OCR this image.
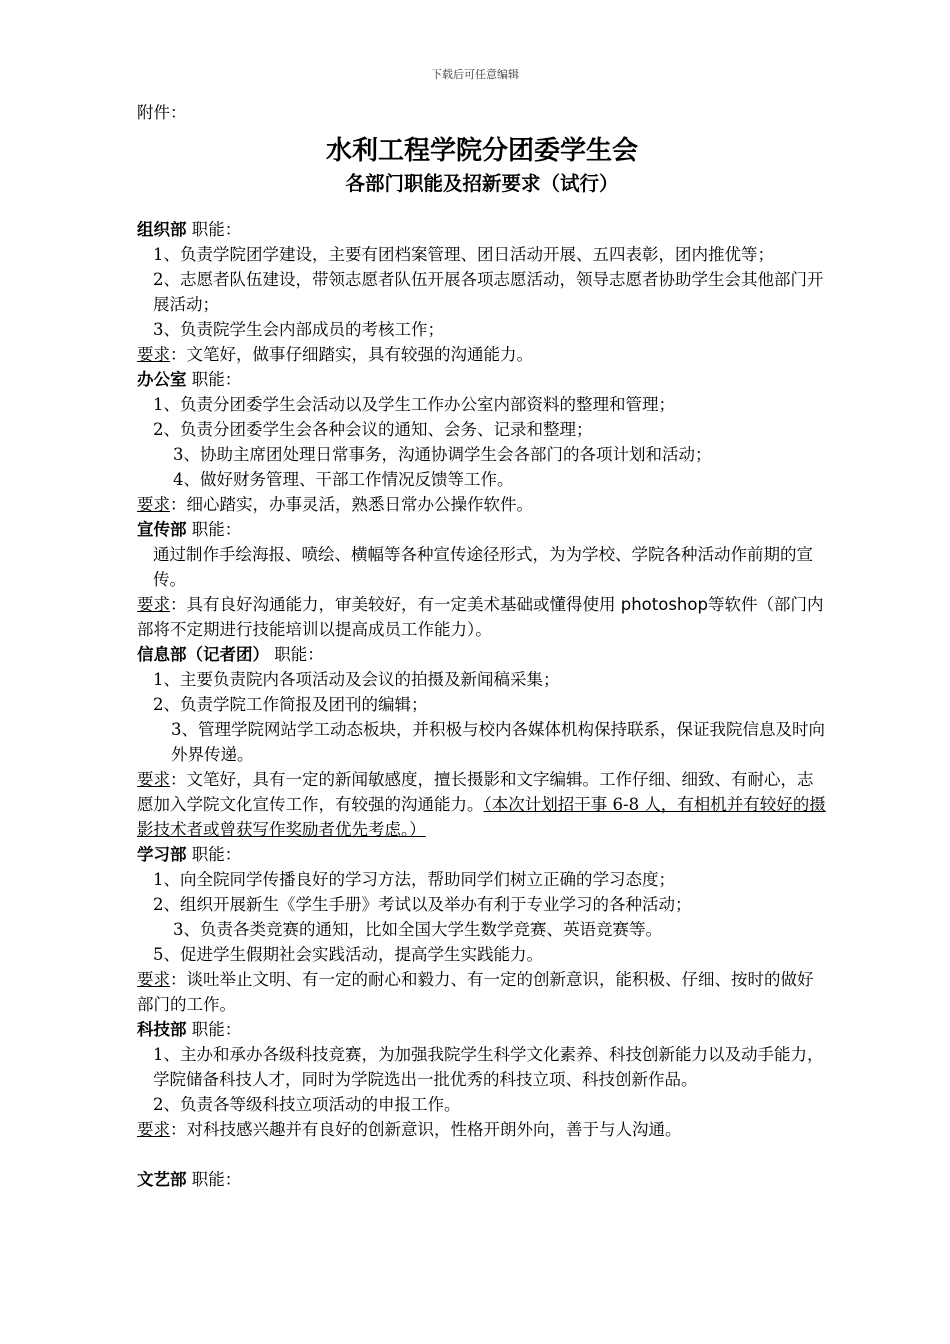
下载后可任意编辑
附件：
水利工程学院分团委学生会
各部门职能及招新要求（试行）
组织部 职能：
1、负责学院团学建设，主要有团档案管理、团日活动开展、五四表彰，团内推优等；
2、志愿者队伍建设，带领志愿者队伍开展各项志愿活动，领导志愿者协助学生会其他部门开展活动；
3、负责院学生会内部成员的考核工作；
要求：文笔好，做事仔细踏实，具有较强的沟通能力。
办公室 职能：
1、负责分团委学生会活动以及学生工作办公室内部资料的整理和管理；
2、负责分团委学生会各种会议的通知、会务、记录和整理；
3、协助主席团处理日常事务，沟通协调学生会各部门的各项计划和活动；
4、做好财务管理、干部工作情况反馈等工作。
要求：细心踏实，办事灵活，熟悉日常办公操作软件。
宣传部 职能：
通过制作手绘海报、喷绘、横幅等各种宣传途径形式，为为学校、学院各种活动作前期的宣传。
要求：具有良好沟通能力，审美较好，有一定美术基础或懂得使用 photoshop等软件（部门内部将不定期进行技能培训以提高成员工作能力）。
信息部（记者团） 职能：
1、主要负责院内各项活动及会议的拍摄及新闻稿采集；
2、负责学院工作简报及团刊的编辑；
3、管理学院网站学工动态板块，并积极与校内各媒体机构保持联系，保证我院信息及时向外界传递。
要求：文笔好，具有一定的新闻敏感度，擅长摄影和文字编辑。工作仔细、细致、有耐心，志愿加入学院文化宣传工作，有较强的沟通能力。（本次计划招干事 6-8 人，有相机并有较好的摄影技术者或曾获写作奖励者优先考虑。）
学习部 职能：
1、向全院同学传播良好的学习方法，帮助同学们树立正确的学习态度；
2、组织开展新生《学生手册》考试以及举办有利于专业学习的各种活动；
3、负责各类竞赛的通知，比如全国大学生数学竞赛、英语竞赛等。
5、促进学生假期社会实践活动，提高学生实践能力。
要求：谈吐举止文明、有一定的耐心和毅力、有一定的创新意识，能积极、仔细、按时的做好部门的工作。
科技部 职能：
1、主办和承办各级科技竞赛，为加强我院学生科学文化素养、科技创新能力以及动手能力，学院储备科技人才，同时为学院选出一批优秀的科技立项、科技创新作品。
2、负责各等级科技立项活动的申报工作。
要求：对科技感兴趣并有良好的创新意识，性格开朗外向，善于与人沟通。
文艺部 职能：
